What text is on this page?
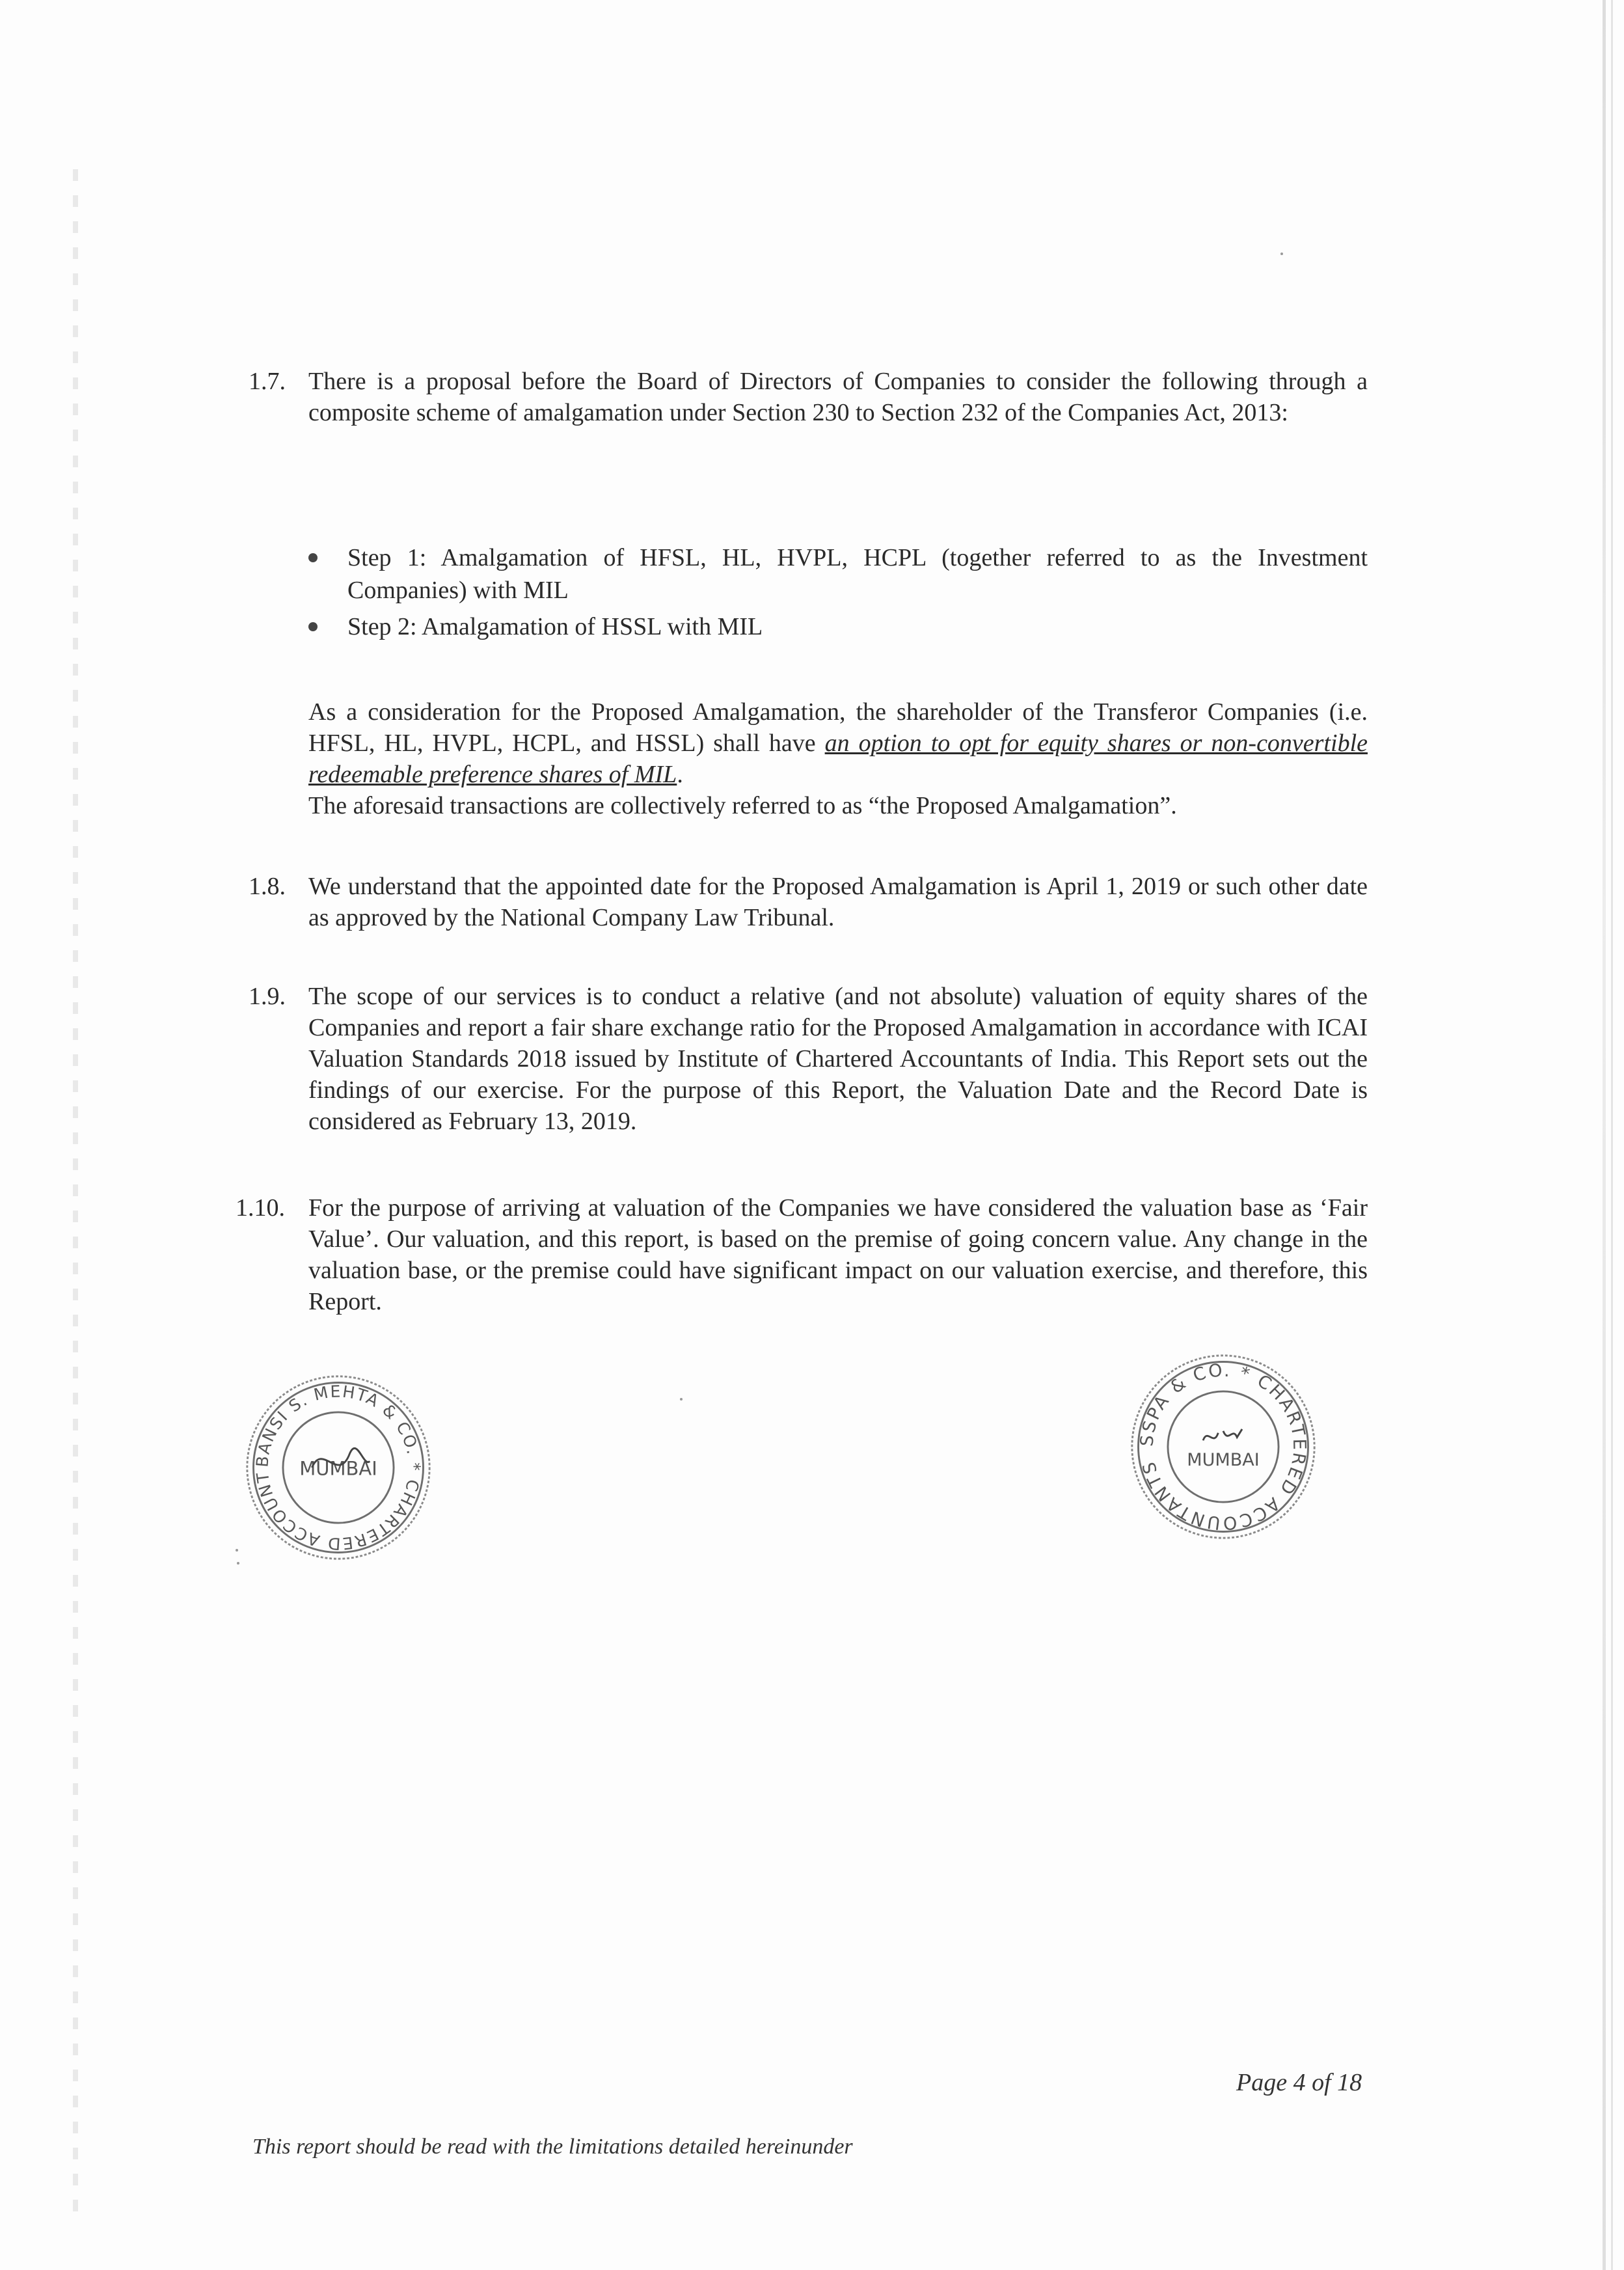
1.7. There is a proposal before the Board of Directors of Companies to consider the following through a composite scheme of amalgamation under Section 230 to Section 232 of the Companies Act, 2013:

Step 1: Amalgamation of HFSL, HL, HVPL, HCPL (together referred to as the Investment Companies) with MIL
Step 2: Amalgamation of HSSL with MIL
As a consideration for the Proposed Amalgamation, the shareholder of the Transferor Companies (i.e. HFSL, HL, HVPL, HCPL, and HSSL) shall have an option to opt for equity shares or non-convertible redeemable preference shares of MIL.
The aforesaid transactions are collectively referred to as “the Proposed Amalgamation”.
1.8. We understand that the appointed date for the Proposed Amalgamation is April 1, 2019 or such other date as approved by the National Company Law Tribunal.

1.9. The scope of our services is to conduct a relative (and not absolute) valuation of equity shares of the Companies and report a fair share exchange ratio for the Proposed Amalgamation in accordance with ICAI Valuation Standards 2018 issued by Institute of Chartered Accountants of India. This Report sets out the findings of our exercise. For the purpose of this Report, the Valuation Date and the Record Date is considered as February 13, 2019.

1.10. For the purpose of arriving at valuation of the Companies we have considered the valuation base as ‘Fair Value’. Our valuation, and this report, is based on the premise of going concern value. Any change in the valuation base, or the premise could have significant impact on our valuation exercise, and therefore, this Report.

BANSI S. MEHTA & CO. * CHARTERED ACCOUNT	MUMBAI
SSPA & CO. * CHARTERED ACCOUNTANTS	MUMBAI
Page 4 of 18
This report should be read with the limitations detailed hereinunder
